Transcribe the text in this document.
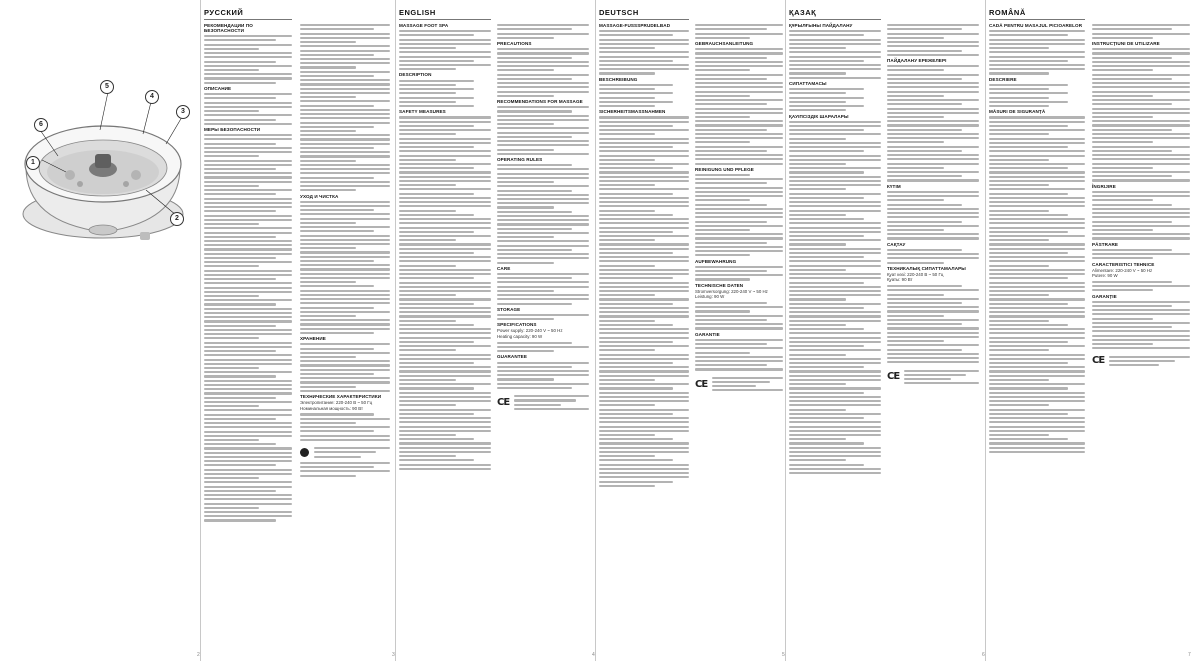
1
5
4
3
6
2
РУССКИЙ
РЕКОМЕНДАЦИИ ПО БЕЗОПАСНОСТИ
ОПИСАНИЕ
МЕРЫ БЕЗОПАСНОСТИ
УХОД И ЧИСТКА
ХРАНЕНИЕ
ТЕХНИЧЕСКИЕ ХАРАКТЕРИСТИКИ
Электропитание: 220-240 В ~ 50 Гц
Номинальная мощность: 90 Вт
ENGLISH
MASSAGE FOOT SPA
DESCRIPTION
SAFETY MEASURES
PRECAUTIONS
RECOMMENDATIONS FOR MASSAGE
OPERATING RULES
CARE
STORAGE
SPECIFICATIONS
Power supply: 220-240 V ~ 50 Hz
Heating capacity: 90 W
GUARANTEE
CE
DEUTSCH
MASSAGE-FUSSSPRUDELBAD
BESCHREIBUNG
SICHERHEITSMASSNAHMEN
GEBRAUCHSANLEITUNG
REINIGUNG UND PFLEGE
AUFBEWAHRUNG
TECHNISCHE DATEN
Stromversorgung: 220-240 V ~ 50 Hz
Leistung: 90 W
GARANTIE
CE
ҚАЗАҚ
ҚҰРЫЛҒЫНЫ ПАЙДАЛАНУ
СИПАТТАМАСЫ
ҚАУІПСІЗДІК ШАРАЛАРЫ
ПАЙДАЛАНУ ЕРЕЖЕЛЕРІ
КҮТІМ
САҚТАУ
ТЕХНИКАЛЫҚ СИПАТТАМАЛАРЫ
Қуат көзі: 220-240 В ~ 50 Гц
Қуаты: 90 Вт
CE
ROMÂNĂ
CADĂ PENTRU MASAJUL PICIOARELOR
DESCRIERE
MĂSURI DE SIGURANȚĂ
INSTRUCȚIUNI DE UTILIZARE
ÎNGRIJIRE
PĂSTRARE
CARACTERISTICI TEHNICE
Alimentare: 220-240 V ~ 50 Hz
Putere: 90 W
GARANȚIE
CE
2	3	4	5	6	7
